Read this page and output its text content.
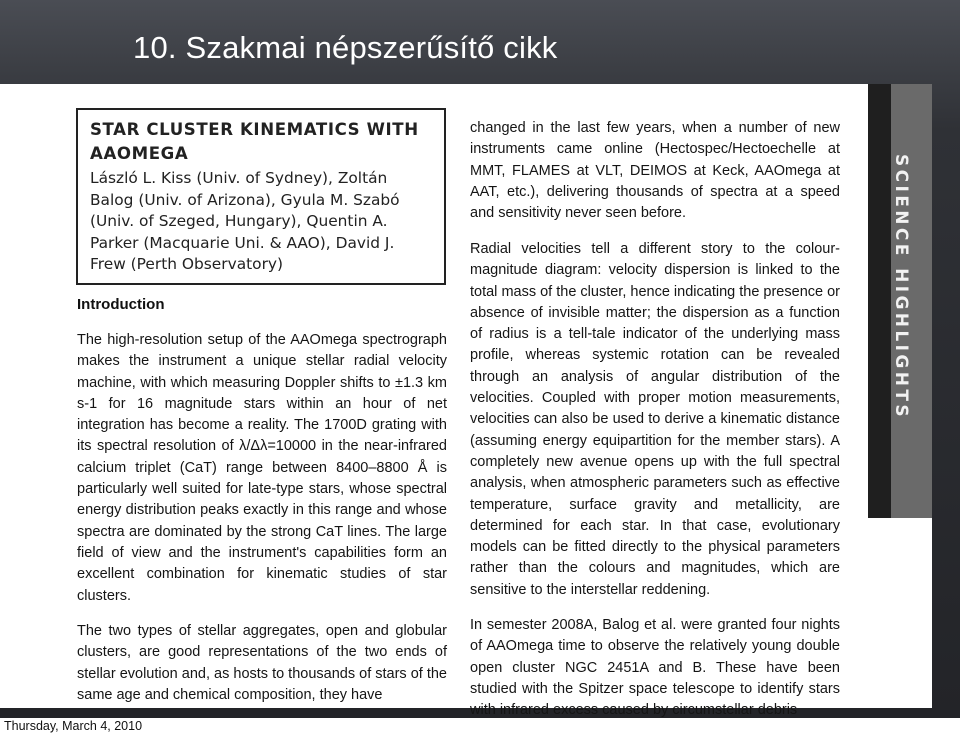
10. Szakmai népszerűsítő cikk
SCIENCE HIGHLIGHTS
STAR CLUSTER KINEMATICS WITH AAOMEGA
László L. Kiss (Univ. of Sydney), Zoltán Balog (Univ. of Arizona), Gyula M. Szabó (Univ. of Szeged, Hungary), Quentin A. Parker (Macquarie Uni. & AAO), David J. Frew (Perth Observatory)
Introduction

The high-resolution setup of the AAOmega spectrograph makes the instrument a unique stellar radial velocity machine, with which measuring Doppler shifts to ±1.3 km s-1 for 16 magnitude stars within an hour of net integration has become a reality. The 1700D grating with its spectral resolution of λ/Δλ=10000 in the near-infrared calcium triplet (CaT) range between 8400–8800 Å is particularly well suited for late-type stars, whose spectral energy distribution peaks exactly in this range and whose spectra are dominated by the strong CaT lines. The large field of view and the instrument's capabilities form an excellent combination for kinematic studies of star clusters.

The two types of stellar aggregates, open and globular clusters, are good representations of the two ends of stellar evolution and, as hosts to thousands of stars of the same age and chemical composition, they have

changed in the last few years, when a number of new instruments came online (Hectospec/Hectoechelle at MMT, FLAMES at VLT, DEIMOS at Keck, AAOmega at AAT, etc.), delivering thousands of spectra at a speed and sensitivity never seen before.

Radial velocities tell a different story to the colour-magnitude diagram: velocity dispersion is linked to the total mass of the cluster, hence indicating the presence or absence of invisible matter; the dispersion as a function of radius is a tell-tale indicator of the underlying mass profile, whereas systemic rotation can be revealed through an analysis of angular distribution of the velocities. Coupled with proper motion measurements, velocities can also be used to derive a kinematic distance (assuming energy equipartition for the member stars). A completely new avenue opens up with the full spectral analysis, when atmospheric parameters such as effective temperature, surface gravity and metallicity, are determined for each star. In that case, evolutionary models can be fitted directly to the physical parameters rather than the colours and magnitudes, which are sensitive to the interstellar reddening.

In semester 2008A, Balog et al. were granted four nights of AAOmega time to observe the relatively young double open cluster NGC 2451A and B. These have been studied with the Spitzer space telescope to identify stars with infrared excess caused by circumstellar debris

Thursday, March 4, 2010
